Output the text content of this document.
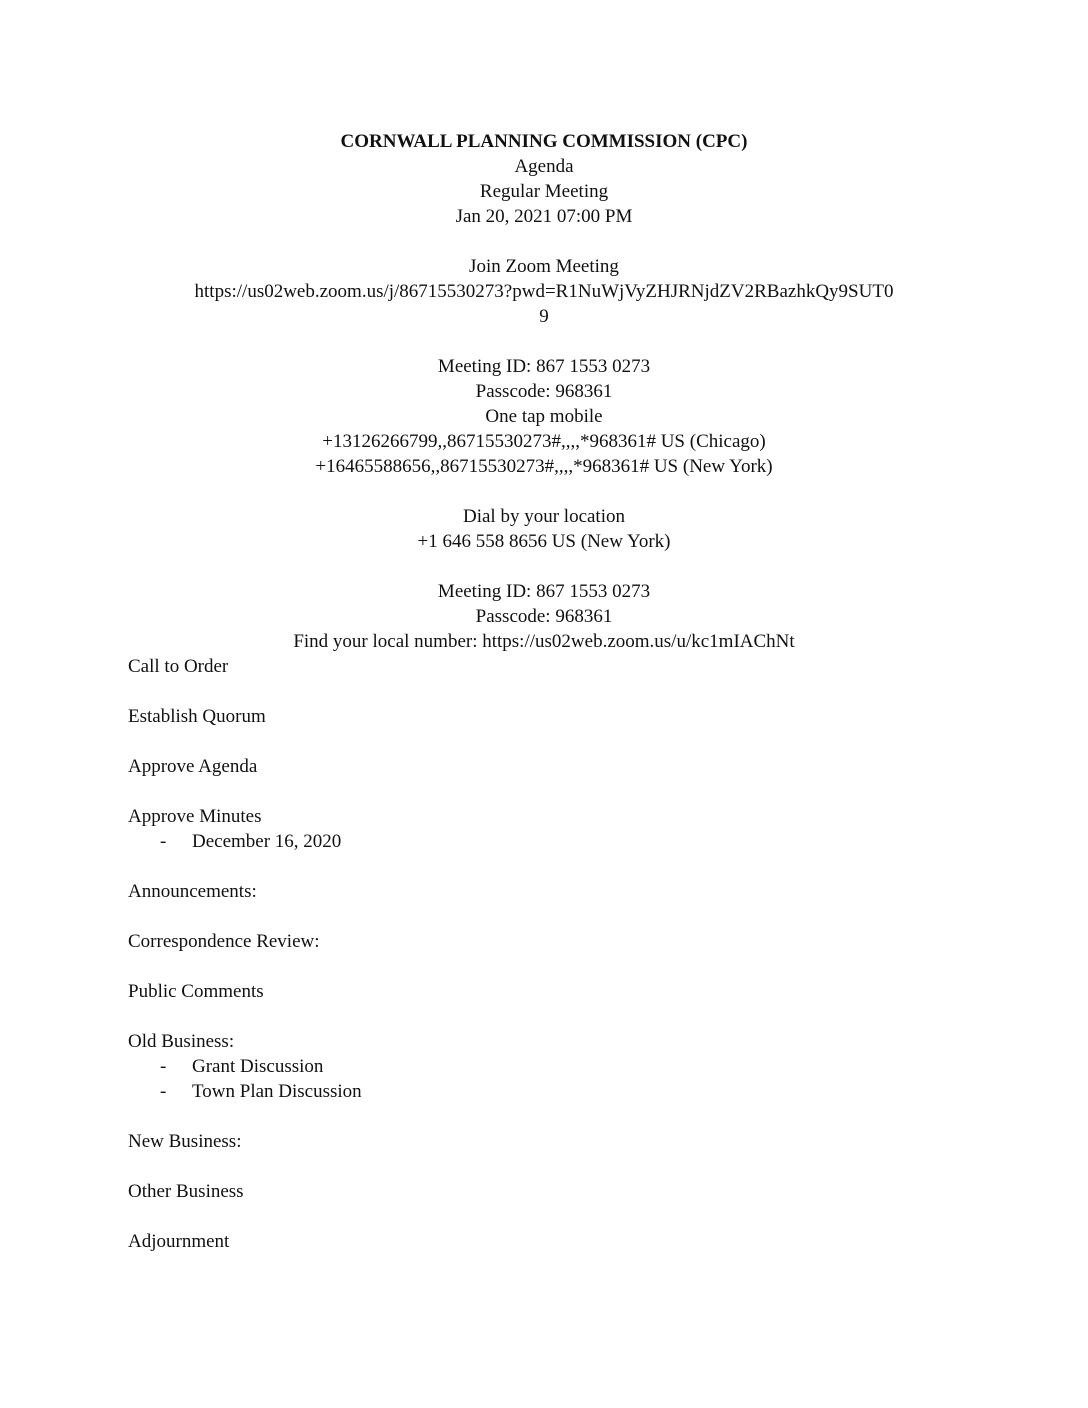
CORNWALL PLANNING COMMISSION (CPC)
Agenda
Regular Meeting
Jan 20, 2021 07:00 PM
Join Zoom Meeting
https://us02web.zoom.us/j/86715530273?pwd=R1NuWjVyZHJRNjdZV2RBazhkQy9SUT0
9
Meeting ID: 867 1553 0273
Passcode: 968361
One tap mobile
+13126266799,,86715530273#,,,,*968361# US (Chicago)
+16465588656,,86715530273#,,,,*968361# US (New York)
Dial by your location
+1 646 558 8656 US (New York)
Meeting ID: 867 1553 0273
Passcode: 968361
Find your local number: https://us02web.zoom.us/u/kc1mIAChNt
Call to Order
Establish Quorum
Approve Agenda
Approve Minutes
- December 16, 2020
Announcements:
Correspondence Review:
Public Comments
Old Business:
- Grant Discussion
- Town Plan Discussion
New Business:
Other Business
Adjournment
